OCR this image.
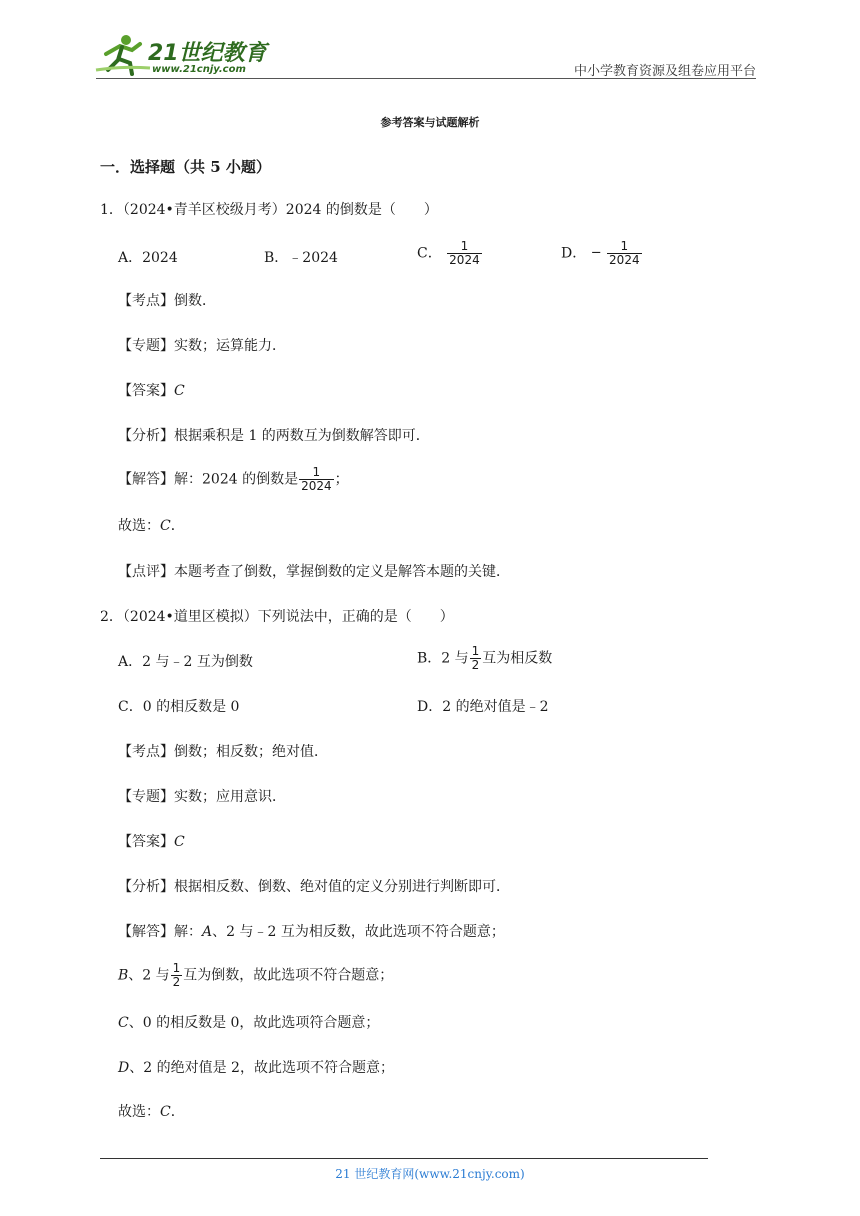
21世纪教育
www.21cnjy.com	中小学教育资源及组卷应用平台
参考答案与试题解析
一．选择题（共 5 小题）
1．（2024•青羊区校级月考）2024 的倒数是（　　）
A．2024	B．﹣2024	C． $\frac{1}{2024}$	D． − $\frac{1}{2024}$
【考点】倒数．
【专题】实数；运算能力．
【答案】C
【分析】根据乘积是 1 的两数互为倒数解答即可．
【解答】解：2024 的倒数是 $\frac{1}{2024}$ ；
故选：C．
【点评】本题考查了倒数，掌握倒数的定义是解答本题的关键．
2．（2024•道里区模拟）下列说法中，正确的是（　　）
A．2 与﹣2 互为倒数	B．2 与 $\frac{1}{2}$ 互为相反数
C．0 的相反数是 0	D．2 的绝对值是﹣2
【考点】倒数；相反数；绝对值．
【专题】实数；应用意识．
【答案】C
【分析】根据相反数、倒数、绝对值的定义分别进行判断即可．
【解答】解：A、2 与﹣2 互为相反数，故此选项不符合题意；
B、2 与 $\frac{1}{2}$ 互为倒数，故此选项不符合题意；
C、0 的相反数是 0，故此选项符合题意；
D、2 的绝对值是 2，故此选项不符合题意；
故选：C．
21 世纪教育网(www.21cnjy.com)
